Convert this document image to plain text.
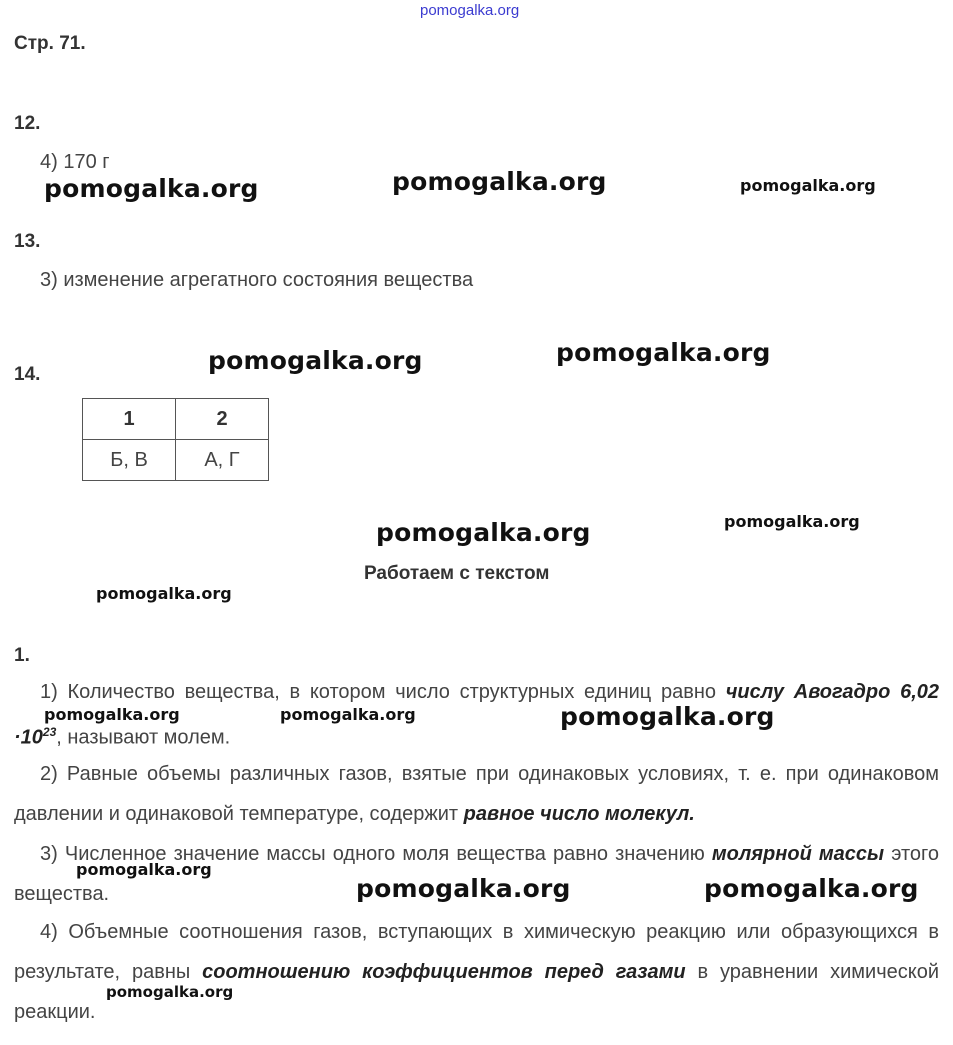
pomogalka.org
Стр. 71.
12.
4) 170 г
13.
3) изменение агрегатного состояния вещества
14.
1	2
Б, В	А, Г
Работаем с текстом
1.
1) Количество вещества, в котором число структурных единиц равно числу Авогадро $6,02 \cdot 10^{23}$, называют молем.
2) Равные объемы различных газов, взятые при одинаковых условиях, т. е. при одинаковом давлении и одинаковой температуре, содержит равное число молекул.
3) Численное значение массы одного моля вещества равно значению молярной массы этого вещества.
4) Объемные соотношения газов, вступающих в химическую реакцию или образующихся в результате, равны соотношению коэффициентов перед газами в уравнении химической реакции.
pomogalka.org	pomogalka.org	pomogalka.org
pomogalka.org	pomogalka.org
pomogalka.org	pomogalka.org
pomogalka.org
pomogalka.org	pomogalka.org	pomogalka.org
pomogalka.org
pomogalka.org	pomogalka.org
pomogalka.org
